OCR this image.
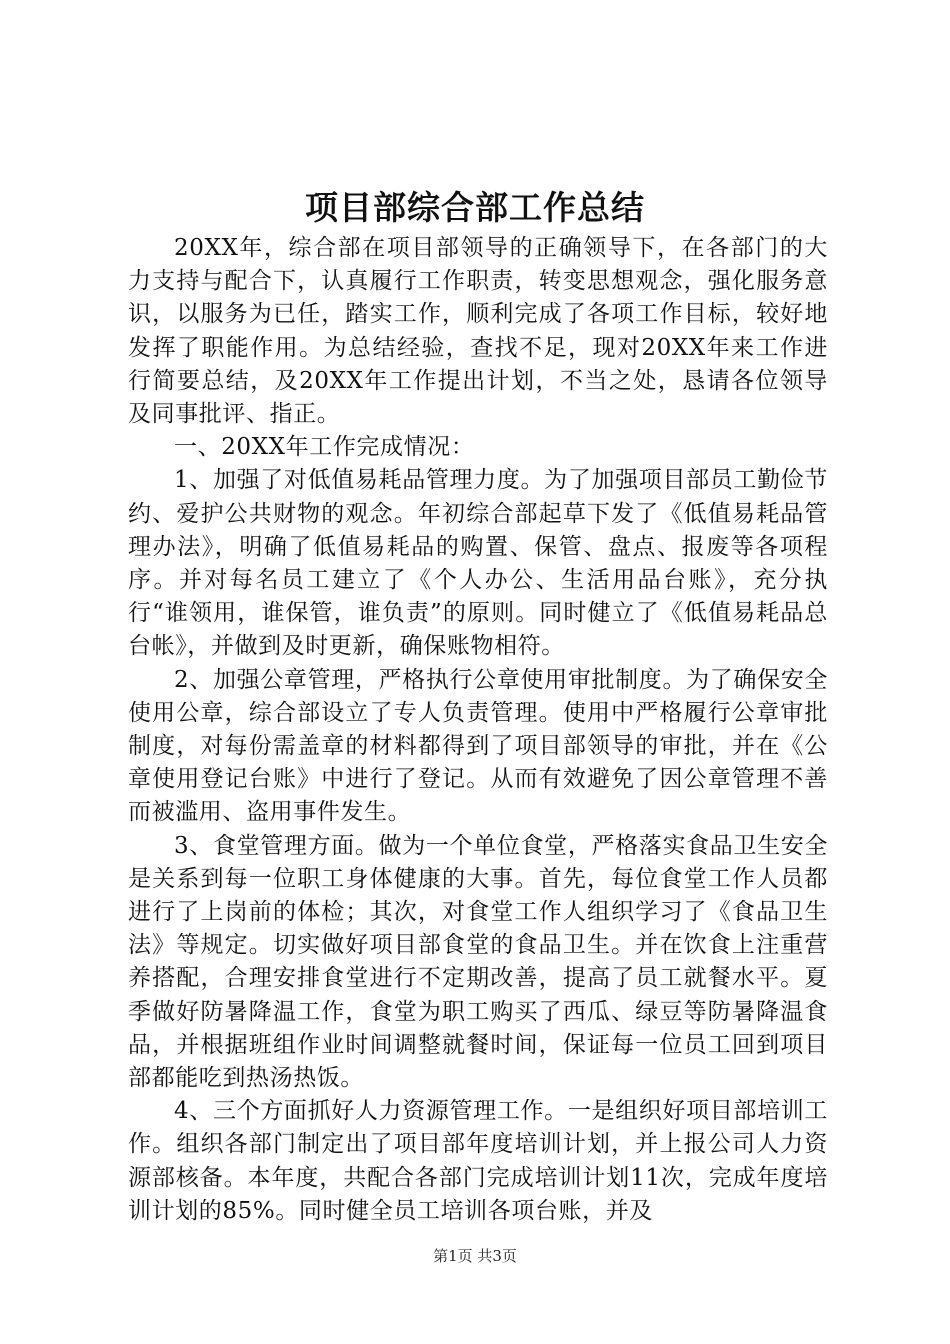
项目部综合部工作总结

20XX年，综合部在项目部领导的正确领导下，在各部门的大力支持与配合下，认真履行工作职责，转变思想观念，强化服务意识，以服务为已任，踏实工作，顺利完成了各项工作目标，较好地发挥了职能作用。为总结经验，查找不足，现对20XX年来工作进行简要总结，及20XX年工作提出计划，不当之处，恳请各位领导及同事批评、指正。

一、20XX年工作完成情况：

1、加强了对低值易耗品管理力度。为了加强项目部员工勤俭节约、爱护公共财物的观念。年初综合部起草下发了《低值易耗品管理办法》，明确了低值易耗品的购置、保管、盘点、报废等各项程序。并对每名员工建立了《个人办公、生活用品台账》，充分执行“谁领用，谁保管，谁负责”的原则。同时健立了《低值易耗品总台帐》，并做到及时更新，确保账物相符。

2、加强公章管理，严格执行公章使用审批制度。为了确保安全使用公章，综合部设立了专人负责管理。使用中严格履行公章审批制度，对每份需盖章的材料都得到了项目部领导的审批，并在《公章使用登记台账》中进行了登记。从而有效避免了因公章管理不善而被滥用、盗用事件发生。

3、食堂管理方面。做为一个单位食堂，严格落实食品卫生安全是关系到每一位职工身体健康的大事。首先，每位食堂工作人员都进行了上岗前的体检；其次，对食堂工作人组织学习了《食品卫生法》等规定。切实做好项目部食堂的食品卫生。并在饮食上注重营养搭配，合理安排食堂进行不定期改善，提高了员工就餐水平。夏季做好防暑降温工作，食堂为职工购买了西瓜、绿豆等防暑降温食品，并根据班组作业时间调整就餐时间，保证每一位员工回到项目部都能吃到热汤热饭。

4、三个方面抓好人力资源管理工作。一是组织好项目部培训工作。组织各部门制定出了项目部年度培训计划，并上报公司人力资源部核备。本年度，共配合各部门完成培训计划11次，完成年度培训计划的85%。同时健全员工培训各项台账，并及

第1页 共3页
